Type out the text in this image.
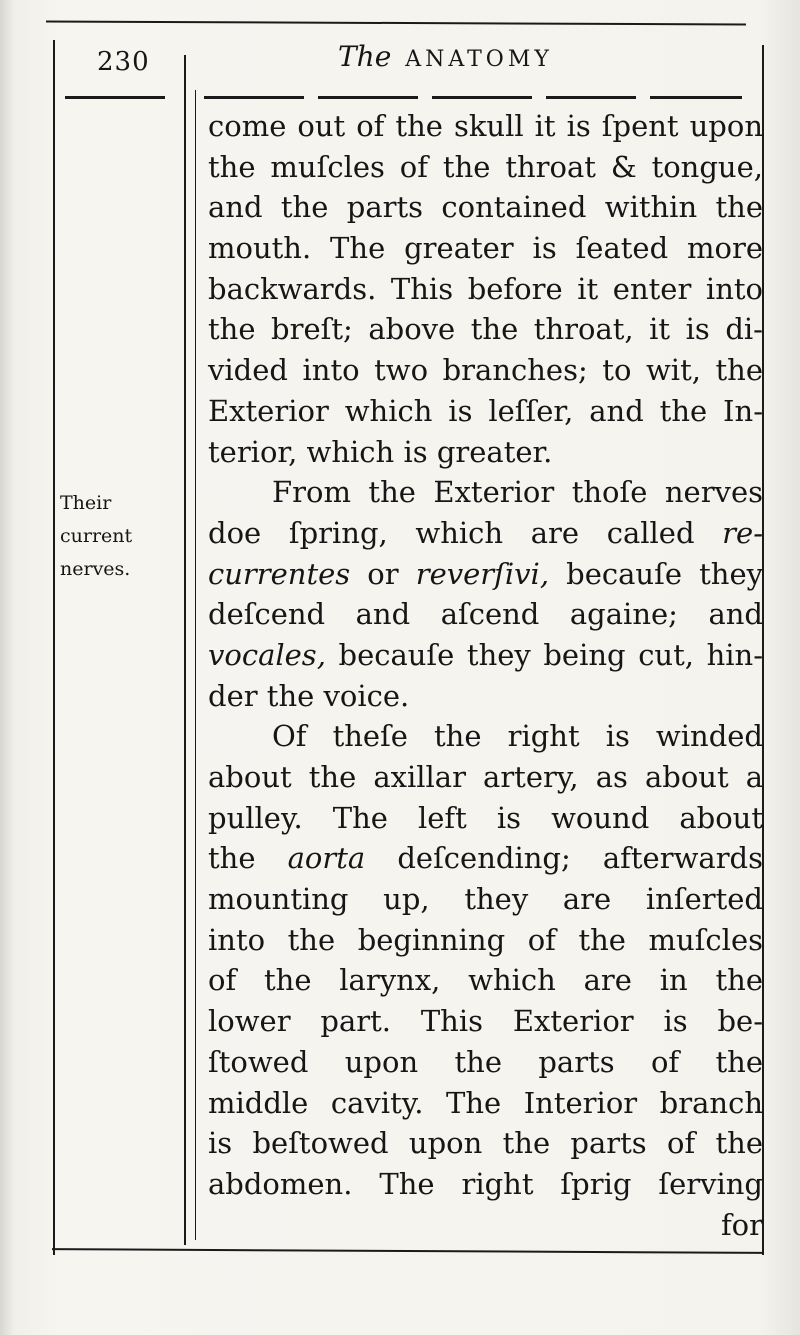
230	The ANATOMY
Their
current
nerves.
come out of the skull it is ſpent upon
the muſcles of the throat & tongue,
and the parts contained within the
mouth. The greater is ſeated more
backwards. This before it enter into
the breſt; above the throat, it is di-
vided into two branches; to wit, the
Exterior which is leſſer, and the In-
terior, which is greater.
From the Exterior thoſe nerves
doe ſpring, which are called re-
currentes or reverſivi, becauſe they
deſcend and aſcend againe; and
vocales, becauſe they being cut, hin-
der the voice.
Of theſe the right is winded
about the axillar artery, as about a
pulley. The left is wound about
the aorta deſcending; afterwards
mounting up, they are inſerted
into the beginning of the muſcles
of the larynx, which are in the
lower part. This Exterior is be-
ſtowed upon the parts of the
middle cavity. The Interior branch
is beſtowed upon the parts of the
abdomen. The right ſprig ſerving
for
